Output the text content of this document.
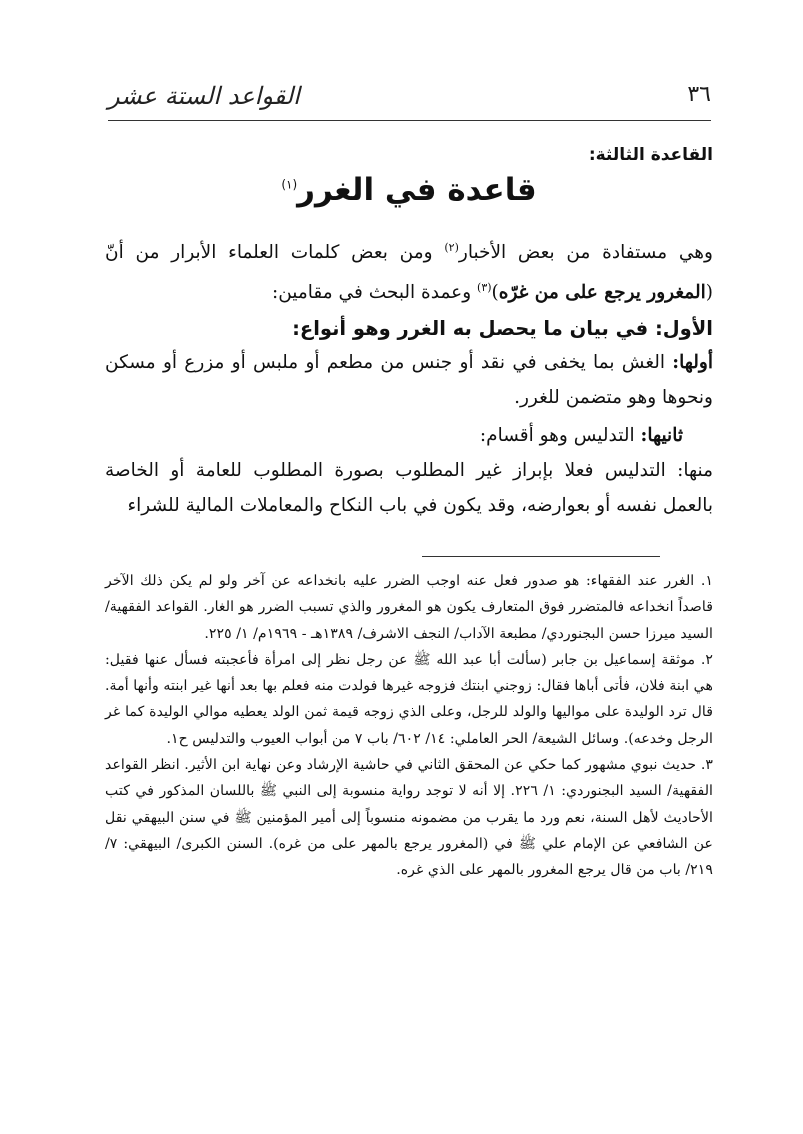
٣٦
القواعد الستة عشر
القاعدة الثالثة:
قاعدة في الغرر$^{(١)}$
وهي مستفادة من بعض الأخبار$^{(٢)}$ ومن بعض كلمات العلماء الأبرار من أنّ (المغرور يرجع على من غرّه)$^{(٣)}$ وعمدة البحث في مقامين:
الأول: في بيان ما يحصل به الغرر وهو أنواع:
أولها: الغش بما يخفى في نقد أو جنس من مطعم أو ملبس أو مزرع أو مسكن ونحوها وهو متضمن للغرر.
ثانيها: التدليس وهو أقسام:
منها: التدليس فعلا بإبراز غير المطلوب بصورة المطلوب للعامة أو الخاصة بالعمل نفسه أو بعوارضه، وقد يكون في باب النكاح والمعاملات المالية للشراء

١. الغرر عند الفقهاء: هو صدور فعل عنه اوجب الضرر عليه بانخداعه عن آخر ولو لم يكن ذلك الآخر قاصداً انخداعه فالمتضرر فوق المتعارف يكون هو المغرور والذي تسبب الضرر هو الغار. القواعد الفقهية/ السيد ميرزا حسن البجنوردي/ مطبعة الآداب/ النجف الاشرف/ ١٣٨٩هـ - ١٩٦٩م/ ١/ ٢٢٥.

٢. موثقة إسماعيل بن جابر (سألت أبا عبد الله ﷺ عن رجل نظر إلى امرأة فأعجبته فسأل عنها فقيل: هي ابنة فلان، فأتى أباها فقال: زوجني ابنتك فزوجه غيرها فولدت منه فعلم بها بعد أنها غير ابنته وأنها أمة. قال ترد الوليدة على مواليها والولد للرجل، وعلى الذي زوجه قيمة ثمن الولد يعطيه موالي الوليدة كما غر الرجل وخدعه). وسائل الشيعة/ الحر العاملي: ١٤/ ٦٠٢/ باب ٧ من أبواب العيوب والتدليس ح١.

٣. حديث نبوي مشهور كما حكي عن المحقق الثاني في حاشية الإرشاد وعن نهاية ابن الأثير. انظر القواعد الفقهية/ السيد البجنوردي: ١/ ٢٢٦. إلا أنه لا توجد رواية منسوبة إلى النبي ﷺ باللسان المذكور في كتب الأحاديث لأهل السنة، نعم ورد ما يقرب من مضمونه منسوباً إلى أمير المؤمنين ﷺ في سنن البيهقي نقل عن الشافعي عن الإمام علي ﷺ في (المغرور يرجع بالمهر على من غره). السنن الكبرى/ البيهقي: ٧/ ٢١٩/ باب من قال يرجع المغرور بالمهر على الذي غره.
